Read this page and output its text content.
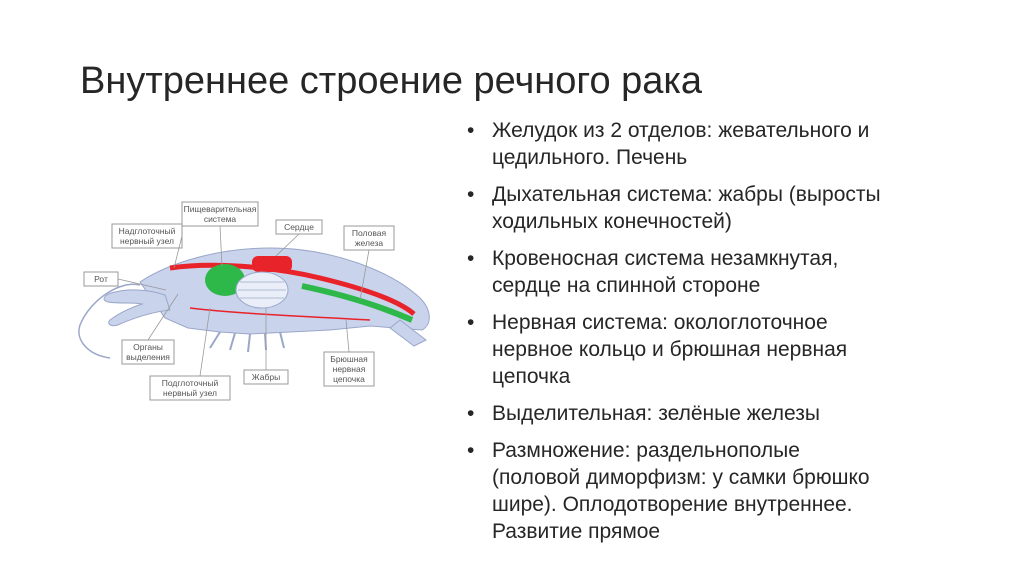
Внутреннее строение речного рака
• Желудок из 2 отделов: жевательного и
цедильного. Печень
• Дыхательная система: жабры (выросты
ходильных конечностей)
• Кровеносная система незамкнутая,
сердце на спинной стороне
• Нервная система: окологлоточное
нервное кольцо и брюшная нервная
цепочка
• Выделительная: зелёные железы
• Размножение: раздельнополые
(половой диморфизм: у самки брюшко
шире). Оплодотворение внутреннее.
Развитие прямое
Пищеварительная
система
Надглоточный
нервный узел
Сердце
Половая
железа
Рот
Органы
выделения
Подглоточный
нервный узел
Жабры
Брюшная
нервная
цепочка
